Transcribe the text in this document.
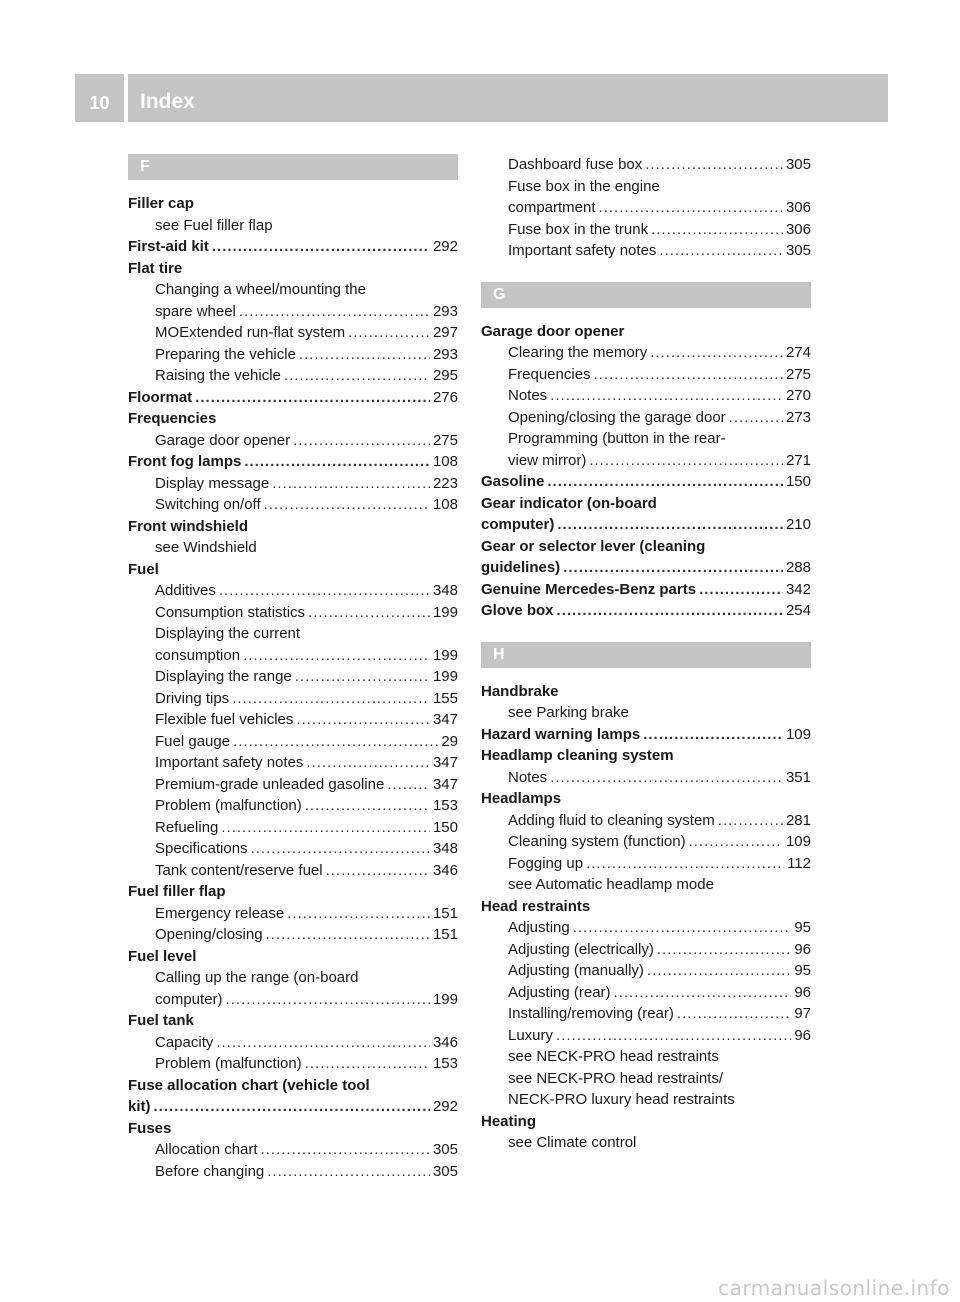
10	Index
F
Filler cap
see Fuel filler flap
First-aid kit .....	292
Flat tire
Changing a wheel/mounting the
spare wheel .....	293
MOExtended run-flat system .....	297
Preparing the vehicle .....	293
Raising the vehicle .....	295
Floormat .....	276
Frequencies
Garage door opener .....	275
Front fog lamps .....	108
Display message .....	223
Switching on/off .....	108
Front windshield
see Windshield
Fuel
Additives .....	348
Consumption statistics .....	199
Displaying the current
consumption .....	199
Displaying the range .....	199
Driving tips .....	155
Flexible fuel vehicles .....	347
Fuel gauge .....	29
Important safety notes .....	347
Premium-grade unleaded gasoline .....	347
Problem (malfunction) .....	153
Refueling .....	150
Specifications .....	348
Tank content/reserve fuel .....	346
Fuel filler flap
Emergency release .....	151
Opening/closing .....	151
Fuel level
Calling up the range (on-board
computer) .....	199
Fuel tank
Capacity .....	346
Problem (malfunction) .....	153
Fuse allocation chart (vehicle tool
kit) .....	292
Fuses
Allocation chart .....	305
Before changing .....	305
Dashboard fuse box .....	305
Fuse box in the engine
compartment .....	306
Fuse box in the trunk .....	306
Important safety notes .....	305
G
Garage door opener
Clearing the memory .....	274
Frequencies .....	275
Notes .....	270
Opening/closing the garage door .....	273
Programming (button in the rear-
view mirror) .....	271
Gasoline .....	150
Gear indicator (on-board
computer) .....	210
Gear or selector lever (cleaning
guidelines) .....	288
Genuine Mercedes-Benz parts .....	342
Glove box .....	254
H
Handbrake
see Parking brake
Hazard warning lamps .....	109
Headlamp cleaning system
Notes .....	351
Headlamps
Adding fluid to cleaning system .....	281
Cleaning system (function) .....	109
Fogging up .....	112
see Automatic headlamp mode
Head restraints
Adjusting .....	95
Adjusting (electrically) .....	96
Adjusting (manually) .....	95
Adjusting (rear) .....	96
Installing/removing (rear) .....	97
Luxury .....	96
see NECK-PRO head restraints
see NECK-PRO head restraints/
NECK-PRO luxury head restraints
Heating
see Climate control
carmanualsonline.info
